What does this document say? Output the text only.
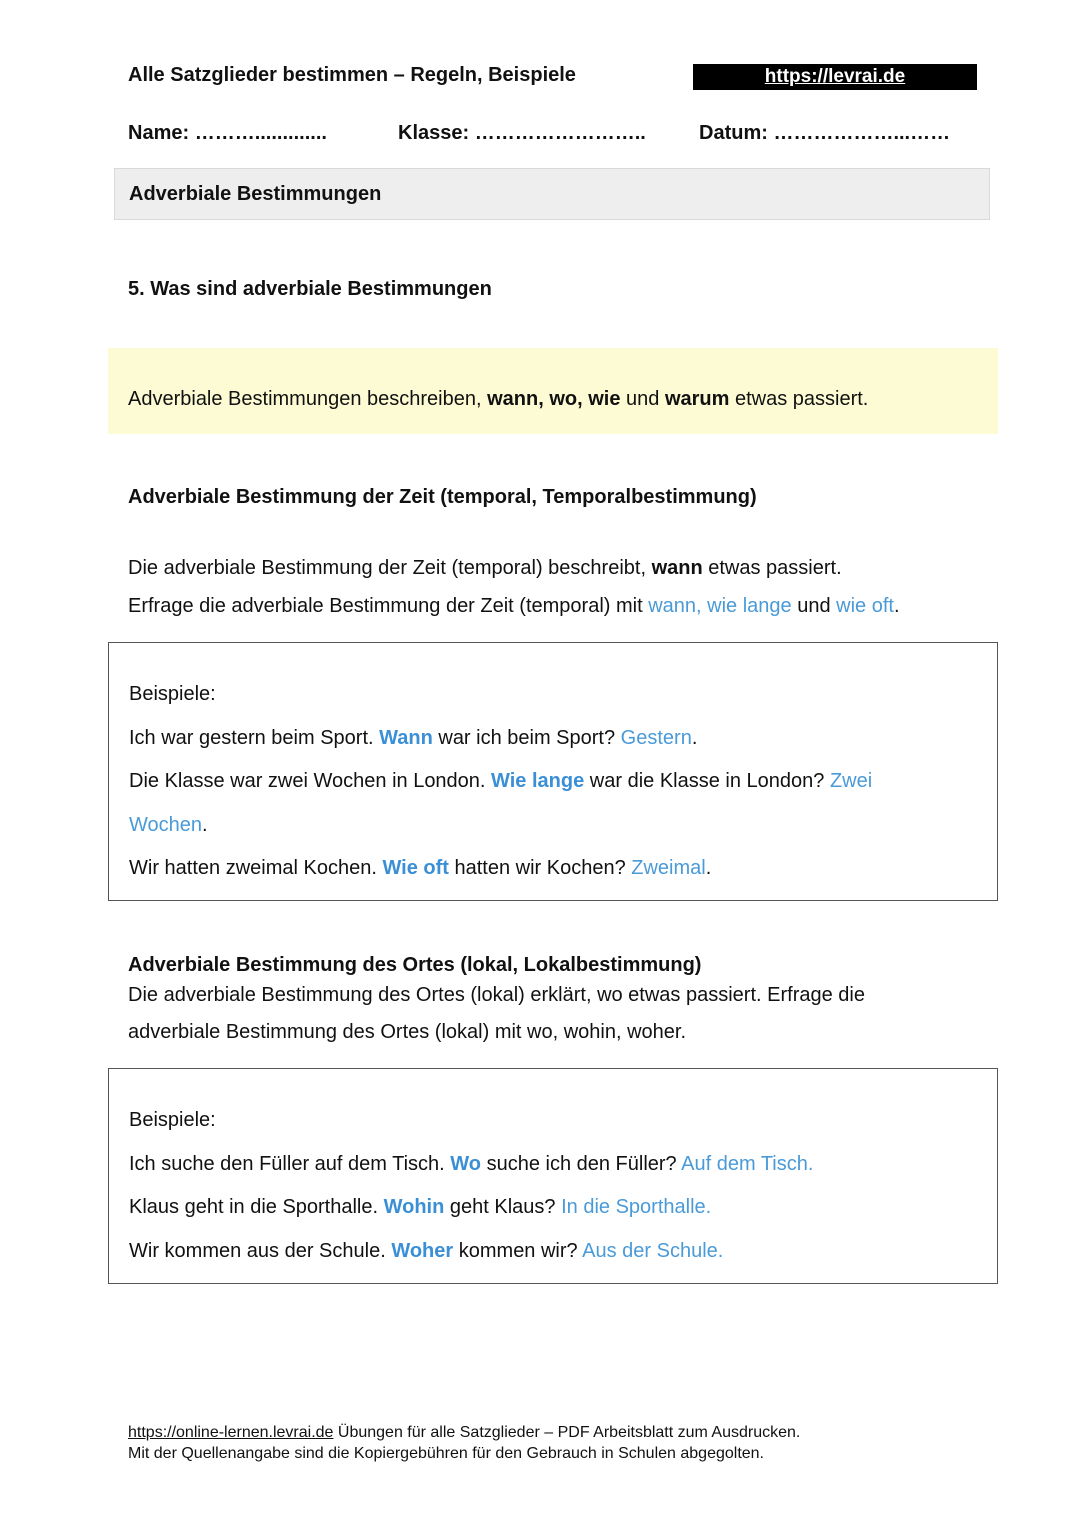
Alle Satzglieder bestimmen – Regeln, Beispiele	https://levrai.de
Name: ……….............	Klasse: ……………………..	Datum: ………………...……
Adverbiale Bestimmungen
5. Was sind adverbiale Bestimmungen
Adverbiale Bestimmungen beschreiben, wann, wo, wie und warum etwas passiert.
Adverbiale Bestimmung der Zeit (temporal, Temporalbestimmung)
Die adverbiale Bestimmung der Zeit (temporal) beschreibt, wann etwas passiert.
Erfrage die adverbiale Bestimmung der Zeit (temporal) mit wann, wie lange und wie oft.
Beispiele:
Ich war gestern beim Sport. Wann war ich beim Sport? Gestern.
Die Klasse war zwei Wochen in London. Wie lange war die Klasse in London? Zwei
Wochen.
Wir hatten zweimal Kochen. Wie oft hatten wir Kochen? Zweimal.
Adverbiale Bestimmung des Ortes (lokal, Lokalbestimmung)
Die adverbiale Bestimmung des Ortes (lokal) erklärt, wo etwas passiert. Erfrage die
adverbiale Bestimmung des Ortes (lokal) mit wo, wohin, woher.
Beispiele:
Ich suche den Füller auf dem Tisch. Wo suche ich den Füller? Auf dem Tisch.
Klaus geht in die Sporthalle. Wohin geht Klaus? In die Sporthalle.
Wir kommen aus der Schule. Woher kommen wir? Aus der Schule.
https://online-lernen.levrai.de Übungen für alle Satzglieder – PDF Arbeitsblatt zum Ausdrucken.
Mit der Quellenangabe sind die Kopiergebühren für den Gebrauch in Schulen abgegolten.
